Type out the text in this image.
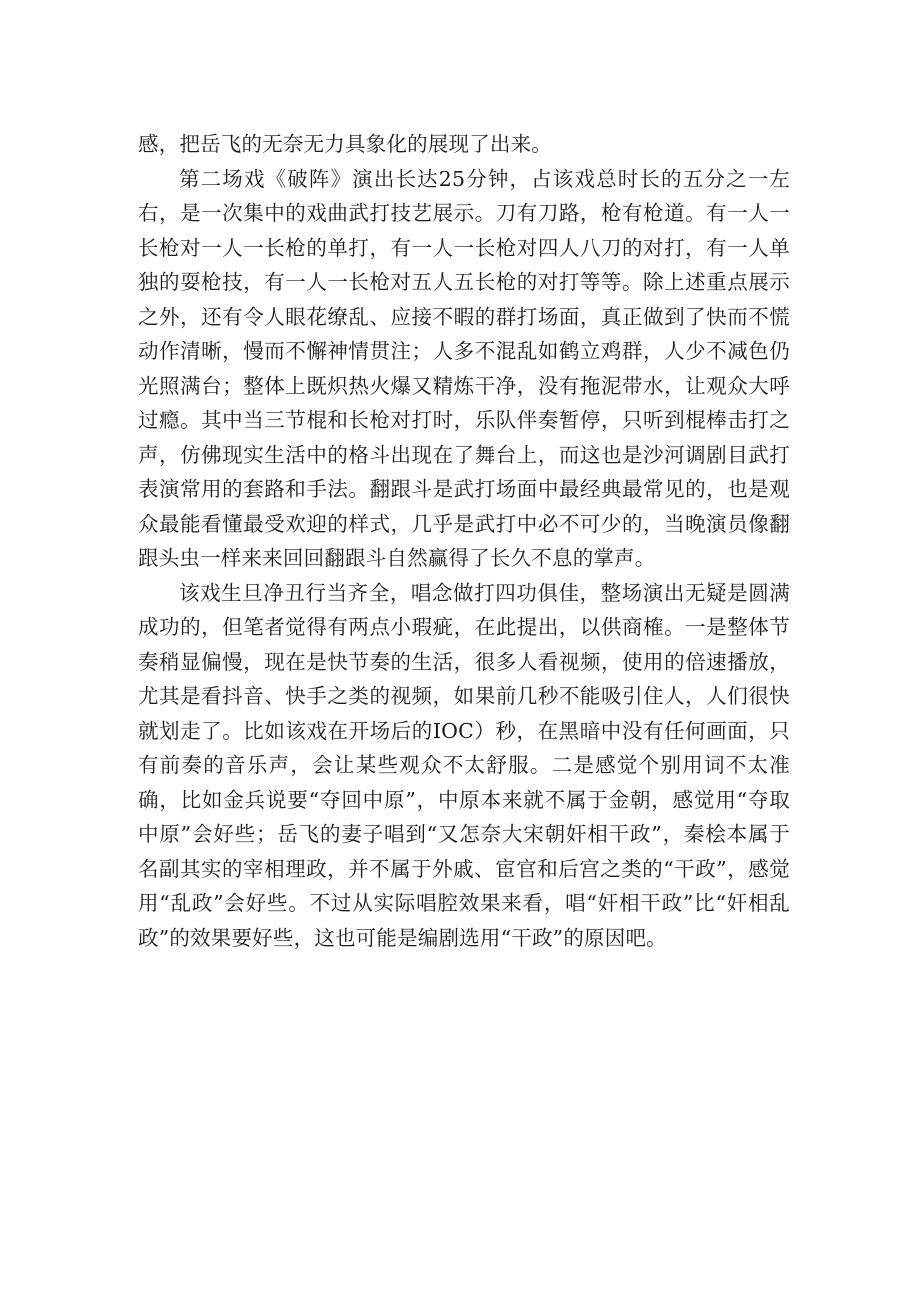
感，把岳飞的无奈无力具象化的展现了出来。

第二场戏《破阵》演出长达25分钟，占该戏总时长的五分之一左右，是一次集中的戏曲武打技艺展示。刀有刀路，枪有枪道。有一人一长枪对一人一长枪的单打，有一人一长枪对四人八刀的对打，有一人单独的耍枪技，有一人一长枪对五人五长枪的对打等等。除上述重点展示之外，还有令人眼花缭乱、应接不暇的群打场面，真正做到了快而不慌动作清晰，慢而不懈神情贯注；人多不混乱如鹤立鸡群，人少不减色仍光照满台；整体上既炽热火爆又精炼干净，没有拖泥带水，让观众大呼过瘾。其中当三节棍和长枪对打时，乐队伴奏暂停，只听到棍棒击打之声，仿佛现实生活中的格斗出现在了舞台上，而这也是沙河调剧目武打表演常用的套路和手法。翻跟斗是武打场面中最经典最常见的，也是观众最能看懂最受欢迎的样式，几乎是武打中必不可少的，当晚演员像翻跟头虫一样来来回回翻跟斗自然赢得了长久不息的掌声。

该戏生旦净丑行当齐全，唱念做打四功俱佳，整场演出无疑是圆满成功的，但笔者觉得有两点小瑕疵，在此提出，以供商榷。一是整体节奏稍显偏慢，现在是快节奏的生活，很多人看视频，使用的倍速播放，尤其是看抖音、快手之类的视频，如果前几秒不能吸引住人，人们很快就划走了。比如该戏在开场后的IOC）秒，在黑暗中没有任何画面，只有前奏的音乐声，会让某些观众不太舒服。二是感觉个别用词不太准确，比如金兵说要“夺回中原”，中原本来就不属于金朝，感觉用“夺取中原”会好些；岳飞的妻子唱到“又怎奈大宋朝奸相干政”，秦桧本属于名副其实的宰相理政，并不属于外戚、宦官和后宫之类的“干政”，感觉用“乱政”会好些。不过从实际唱腔效果来看，唱“奸相干政”比“奸相乱政”的效果要好些，这也可能是编剧选用“干政”的原因吧。
